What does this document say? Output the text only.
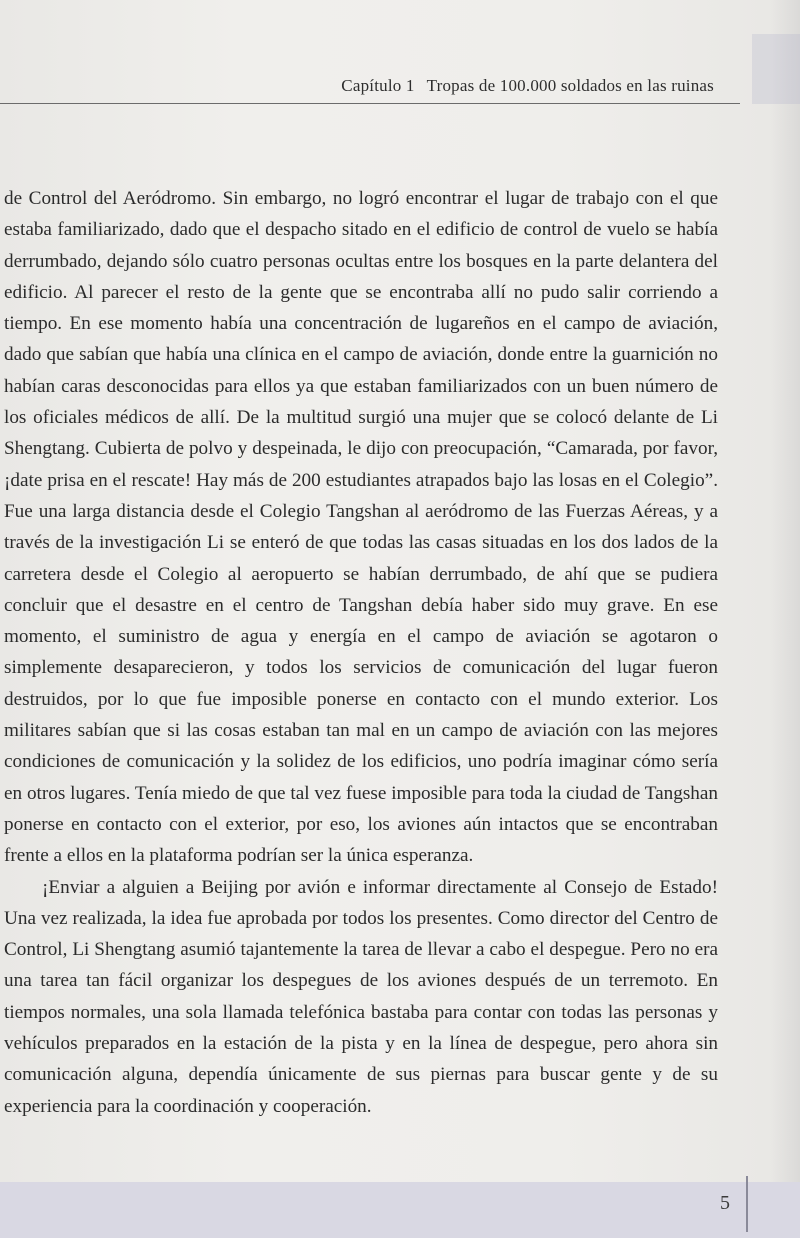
Capítulo 1 Tropas de 100.000 soldados en las ruinas

de Control del Aeródromo. Sin embargo, no logró encontrar el lugar de trabajo con el que estaba familiarizado, dado que el despacho sitado en el edificio de control de vuelo se había derrumbado, dejando sólo cuatro personas ocultas entre los bosques en la parte delantera del edificio. Al parecer el resto de la gente que se encontraba allí no pudo salir corriendo a tiempo. En ese momento había una concentración de lugareños en el campo de aviación, dado que sabían que había una clínica en el campo de aviación, donde entre la guarnición no habían caras desconocidas para ellos ya que estaban familiarizados con un buen número de los oficiales médicos de allí. De la multitud surgió una mujer que se colocó delante de Li Shengtang. Cubierta de polvo y despeinada, le dijo con preocupación, “Camarada, por favor, ¡date prisa en el rescate! Hay más de 200 estudiantes atrapados bajo las losas en el Colegio”. Fue una larga distancia desde el Colegio Tangshan al aeródromo de las Fuerzas Aéreas, y a través de la investigación Li se enteró de que todas las casas situadas en los dos lados de la carretera desde el Colegio al aeropuerto se habían derrumbado, de ahí que se pudiera concluir que el desastre en el centro de Tangshan debía haber sido muy grave. En ese momento, el suministro de agua y energía en el campo de aviación se agotaron o simplemente desaparecieron, y todos los servicios de comunicación del lugar fueron destruidos, por lo que fue imposible ponerse en contacto con el mundo exterior. Los militares sabían que si las cosas estaban tan mal en un campo de aviación con las mejores condiciones de comunicación y la solidez de los edificios, uno podría imaginar cómo sería en otros lugares. Tenía miedo de que tal vez fuese imposible para toda la ciudad de Tangshan ponerse en contacto con el exterior, por eso, los aviones aún intactos que se encontraban frente a ellos en la plataforma podrían ser la única esperanza.

¡Enviar a alguien a Beijing por avión e informar directamente al Consejo de Estado! Una vez realizada, la idea fue aprobada por todos los presentes. Como director del Centro de Control, Li Shengtang asumió tajantemente la tarea de llevar a cabo el despegue. Pero no era una tarea tan fácil organizar los despegues de los aviones después de un terremoto. En tiempos normales, una sola llamada telefónica bastaba para contar con todas las personas y vehículos preparados en la estación de la pista y en la línea de despegue, pero ahora sin comunicación alguna, dependía únicamente de sus piernas para buscar gente y de su experiencia para la coordinación y cooperación.

5
